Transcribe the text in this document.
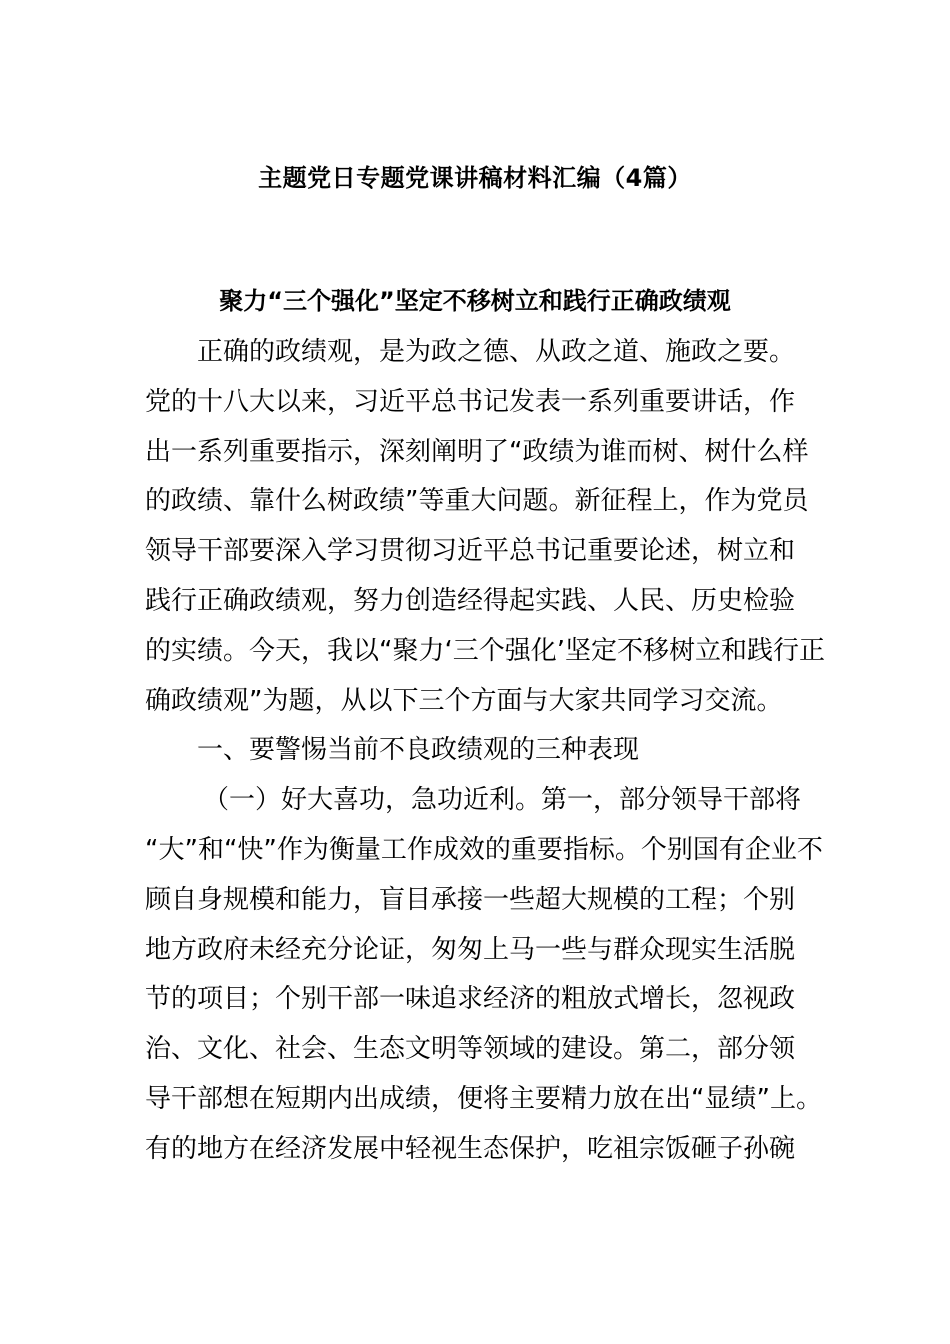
主题党日专题党课讲稿材料汇编（4篇）
聚力“三个强化”坚定不移树立和践行正确政绩观
正确的政绩观，是为政之德、从政之道、施政之要。
党的十八大以来，习近平总书记发表一系列重要讲话，作
出一系列重要指示，深刻阐明了“政绩为谁而树、树什么样
的政绩、靠什么树政绩”等重大问题。新征程上，作为党员
领导干部要深入学习贯彻习近平总书记重要论述，树立和
践行正确政绩观，努力创造经得起实践、人民、历史检验
的实绩。今天，我以“聚力‘三个强化’坚定不移树立和践行正
确政绩观”为题，从以下三个方面与大家共同学习交流。
一、要警惕当前不良政绩观的三种表现
（一）好大喜功，急功近利。第一，部分领导干部将
“大”和“快”作为衡量工作成效的重要指标。个别国有企业不
顾自身规模和能力，盲目承接一些超大规模的工程；个别
地方政府未经充分论证，匆匆上马一些与群众现实生活脱
节的项目；个别干部一味追求经济的粗放式增长，忽视政
治、文化、社会、生态文明等领域的建设。第二，部分领
导干部想在短期内出成绩，便将主要精力放在出“显绩”上。
有的地方在经济发展中轻视生态保护，吃祖宗饭砸子孙碗
